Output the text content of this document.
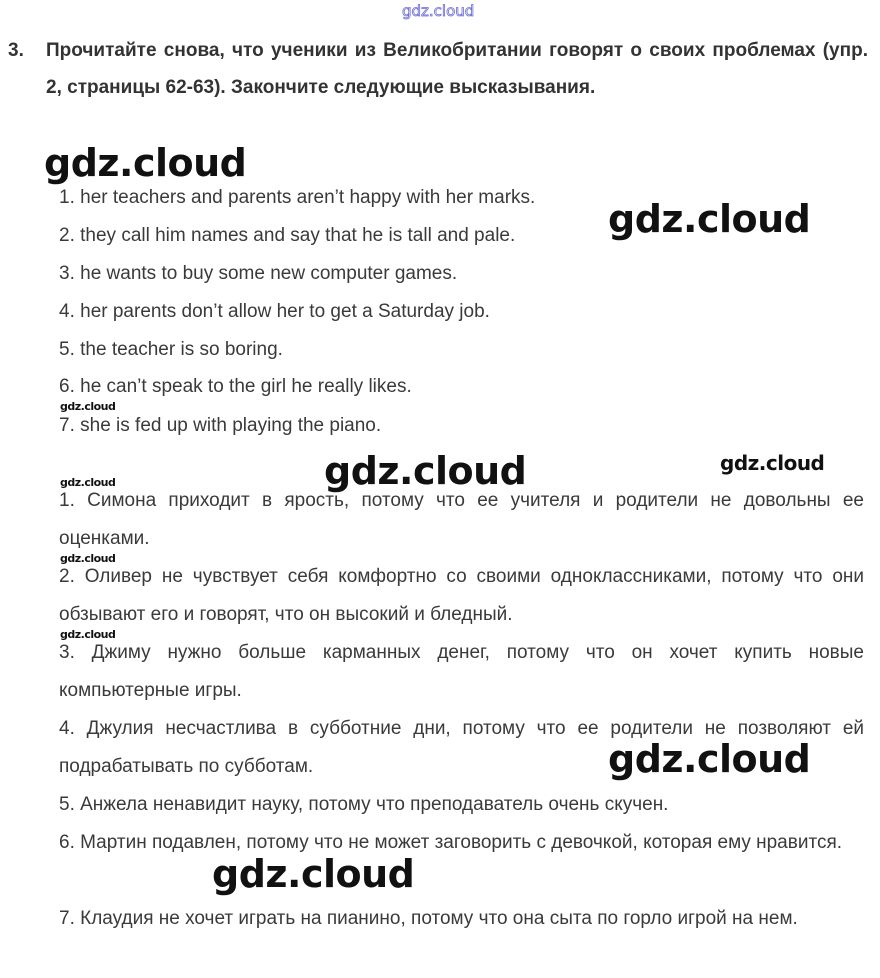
gdz.cloud
gdz.cloud
gdz.cloud
gdz.cloud
gdz.cloud	gdz.cloud
gdz.cloud
gdz.cloud
gdz.cloud
gdz.cloud
gdz.cloud
3. Прочитайте снова, что ученики из Великобритании говорят о своих проблемах (упр. 2, страницы 62-63). Закончите следующие высказывания.
1. her teachers and parents aren’t happy with her marks.
2. they call him names and say that he is tall and pale.
3. he wants to buy some new computer games.
4. her parents don’t allow her to get a Saturday job.
5. the teacher is so boring.
6. he can’t speak to the girl he really likes.
7. she is fed up with playing the piano.
1. Симона приходит в ярость, потому что ее учителя и родители не довольны ее оценками.
2. Оливер не чувствует себя комфортно со своими одноклассниками, потому что они обзывают его и говорят, что он высокий и бледный.
3. Джиму нужно больше карманных денег, потому что он хочет купить новые компьютерные игры.
4. Джулия несчастлива в субботние дни, потому что ее родители не позволяют ей подрабатывать по субботам.
5. Анжела ненавидит науку, потому что преподаватель очень скучен.
6. Мартин подавлен, потому что не может заговорить с девочкой, которая ему нравится.
7. Клаудия не хочет играть на пианино, потому что она сыта по горло игрой на нем.
